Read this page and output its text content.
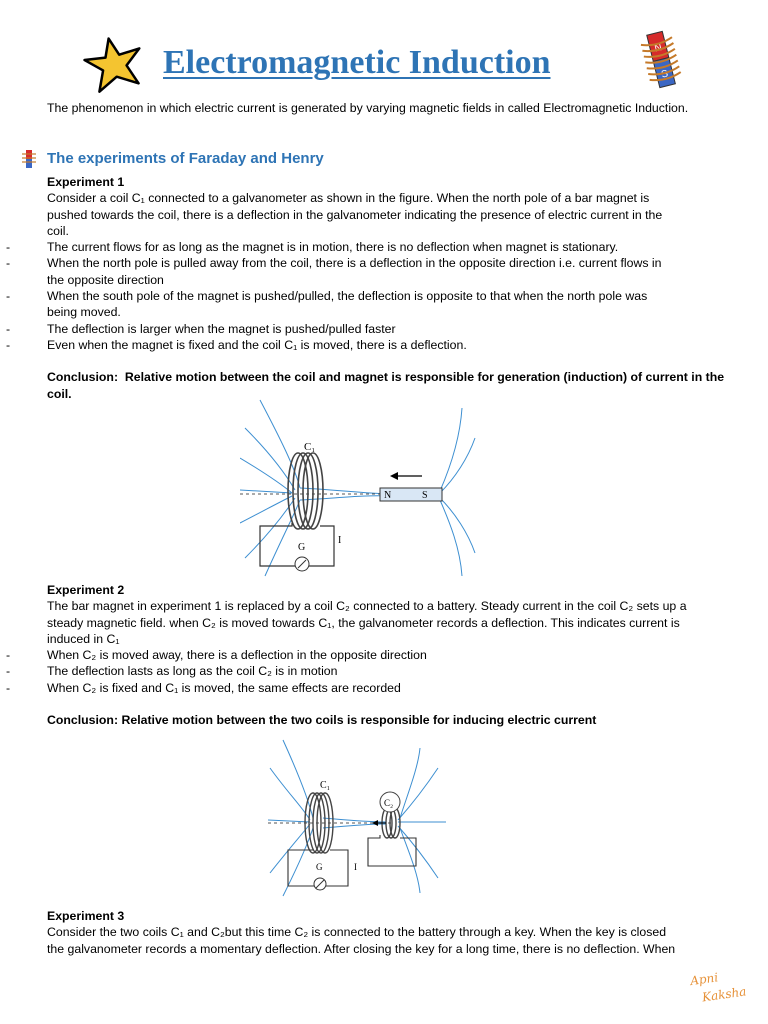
Electromagnetic Induction	N
S
The phenomenon in which electric current is generated by varying magnetic fields in called Electromagnetic Induction.
The experiments of Faraday and Henry
Experiment 1
Consider a coil C₁ connected to a galvanometer as shown in the figure. When the north pole of a bar magnet is
pushed towards the coil, there is a deflection in the galvanometer indicating the presence of electric current in the
coil.
- The current flows for as long as the magnet is in motion, there is no deflection when magnet is stationary.
- When the north pole is pulled away from the coil, there is a deflection in the opposite direction i.e. current flows in
the opposite direction
- When the south pole of the magnet is pushed/pulled, the deflection is opposite to that when the north pole was
being moved.
- The deflection is larger when the magnet is pushed/pulled faster
- Even when the magnet is fixed and the coil C₁ is moved, there is a deflection.
Conclusion: Relative motion between the coil and magnet is responsible for generation (induction) of current in the
coil.
C₁
N	S
G
I
Experiment 2
The bar magnet in experiment 1 is replaced by a coil C₂ connected to a battery. Steady current in the coil C₂ sets up a
steady magnetic field. when C₂ is moved towards C₁, the galvanometer records a deflection. This indicates current is
induced in C₁
- When C₂ is moved away, there is a deflection in the opposite direction
- The deflection lasts as long as the coil C₂ is in motion
- When C₂ is fixed and C₁ is moved, the same effects are recorded
Conclusion: Relative motion between the two coils is responsible for inducing electric current
C₁
C₂
G	I
Experiment 3
Consider the two coils C₁ and C₂but this time C₂ is connected to the battery through a key. When the key is closed
the galvanometer records a momentary deflection. After closing the key for a long time, there is no deflection. When
Apni
Kaksha
